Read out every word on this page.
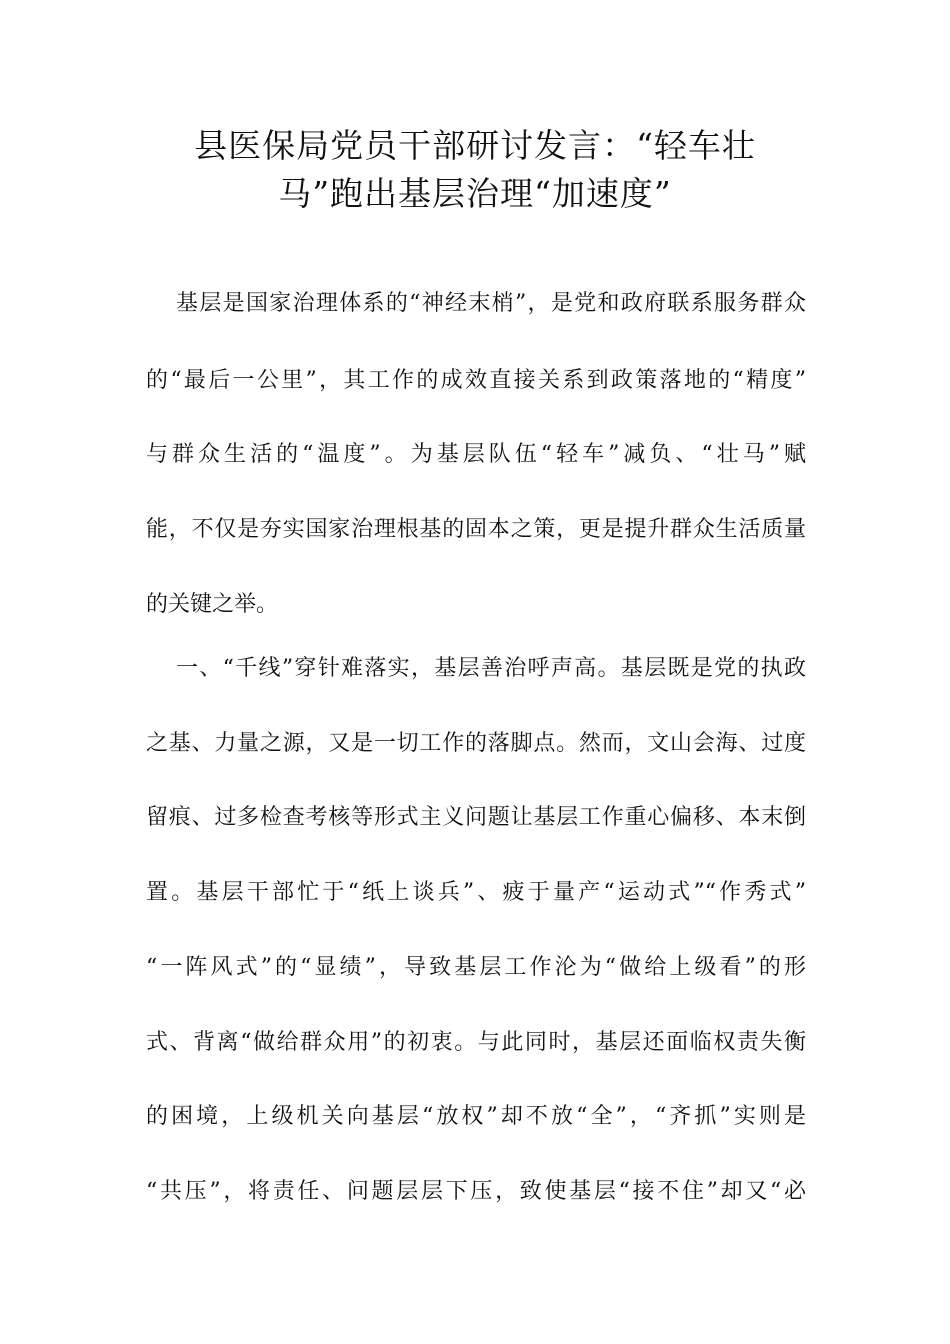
县医保局党员干部研讨发言：“轻车壮
马”跑出基层治理“加速度”
基层是国家治理体系的“神经末梢”，是党和政府联系服务群众
的“最后一公里”，其工作的成效直接关系到政策落地的“精度”
与群众生活的“温度”。为基层队伍“轻车”减负、“壮马”赋
能，不仅是夯实国家治理根基的固本之策，更是提升群众生活质量
的关键之举。
一、“千线”穿针难落实，基层善治呼声高。基层既是党的执政
之基、力量之源，又是一切工作的落脚点。然而，文山会海、过度
留痕、过多检查考核等形式主义问题让基层工作重心偏移、本末倒
置。基层干部忙于“纸上谈兵”、疲于量产“运动式”“作秀式”
“一阵风式”的“显绩”，导致基层工作沦为“做给上级看”的形
式、背离“做给群众用”的初衷。与此同时，基层还面临权责失衡
的困境，上级机关向基层“放权”却不放“全”，“齐抓”实则是
“共压”，将责任、问题层层下压，致使基层“接不住”却又“必
